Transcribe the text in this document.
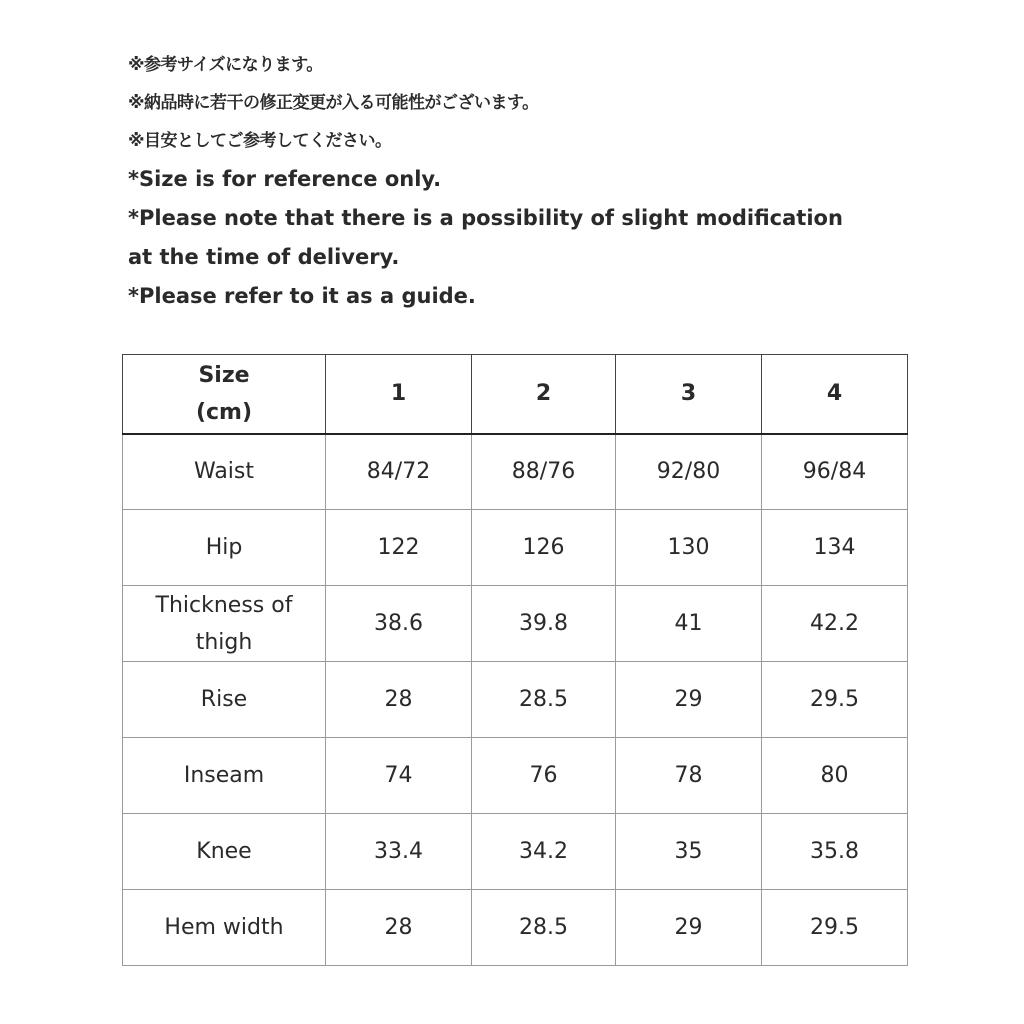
※参考サイズになります。
※納品時に若干の修正変更が入る可能性がございます。
※目安としてご参考してください。
*Size is for reference only.
*Please note that there is a possibility of slight modification
at the time of delivery.
*Please refer to it as a guide.
Size
(cm)	1	2	3	4
Waist	84/72	88/76	92/80	96/84
Hip	122	126	130	134
Thickness of
thigh	38.6	39.8	41	42.2
Rise	28	28.5	29	29.5
Inseam	74	76	78	80
Knee	33.4	34.2	35	35.8
Hem width	28	28.5	29	29.5
